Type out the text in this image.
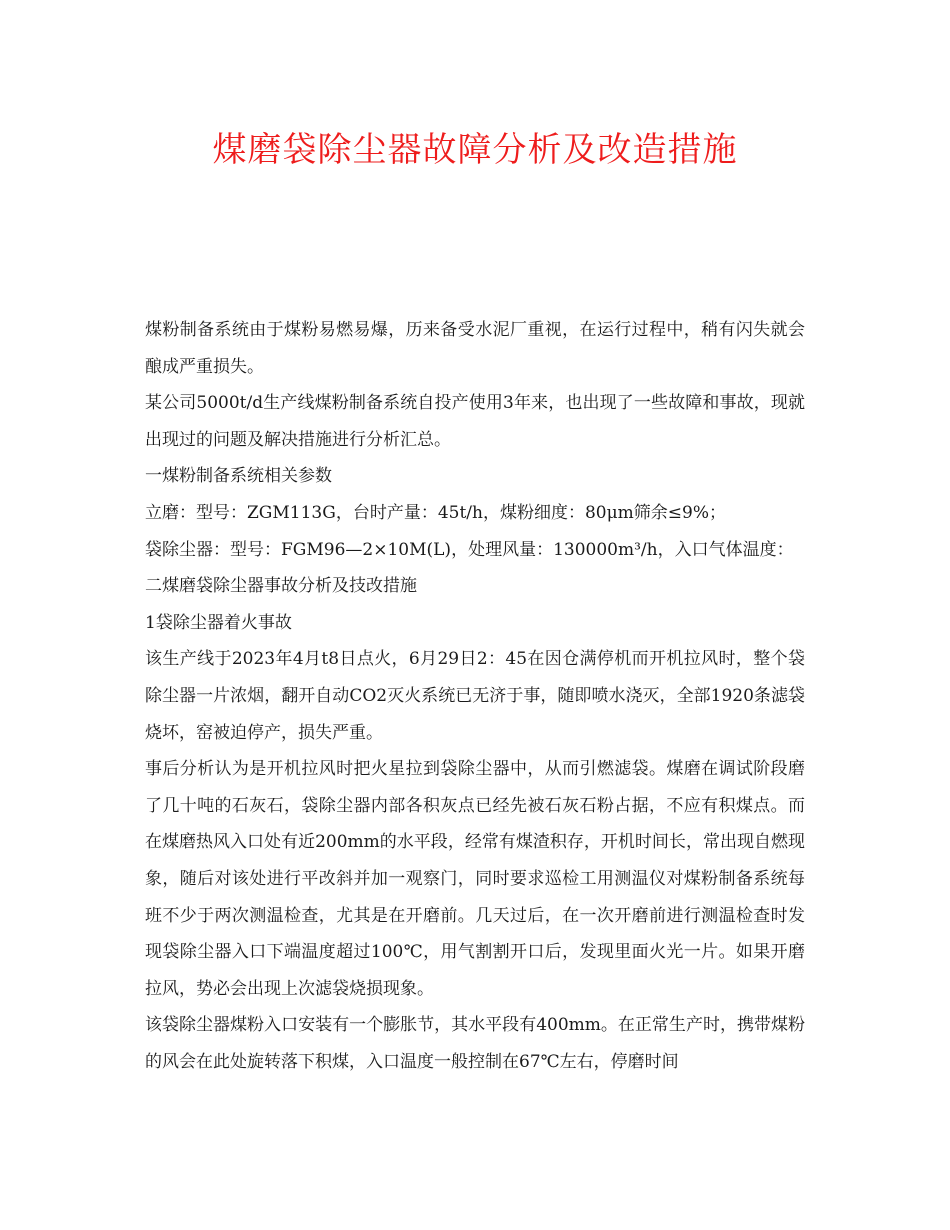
煤磨袋除尘器故障分析及改造措施

煤粉制备系统由于煤粉易燃易爆，历来备受水泥厂重视，在运行过程中，稍有闪失就会酿成严重损失。

某公司5000t/d生产线煤粉制备系统自投产使用3年来，也出现了一些故障和事故，现就出现过的问题及解决措施进行分析汇总。

一煤粉制备系统相关参数

立磨：型号：ZGM113G，台时产量：45t/h，煤粉细度：80μm筛余≤9%；

袋除尘器：型号：FGM96—2×10M(L)，处理风量：130000m³/h，入口气体温度：

二煤磨袋除尘器事故分析及技改措施

1袋除尘器着火事故

该生产线于2023年4月t8日点火，6月29日2：45在因仓满停机而开机拉风时，整个袋除尘器一片浓烟，翻开自动CO2灭火系统已无济于事，随即喷水浇灭，全部1920条滤袋烧坏，窑被迫停产，损失严重。

事后分析认为是开机拉风时把火星拉到袋除尘器中，从而引燃滤袋。煤磨在调试阶段磨了几十吨的石灰石，袋除尘器内部各积灰点已经先被石灰石粉占据，不应有积煤点。而在煤磨热风入口处有近200mm的水平段，经常有煤渣积存，开机时间长，常出现自燃现象，随后对该处进行平改斜并加一观察门，同时要求巡检工用测温仪对煤粉制备系统每班不少于两次测温检查，尤其是在开磨前。几天过后，在一次开磨前进行测温检查时发现袋除尘器入口下端温度超过100℃，用气割割开口后，发现里面火光一片。如果开磨拉风，势必会出现上次滤袋烧损现象。

该袋除尘器煤粉入口安装有一个膨胀节，其水平段有400mm。在正常生产时，携带煤粉的风会在此处旋转落下积煤，入口温度一般控制在67℃左右，停磨时间
